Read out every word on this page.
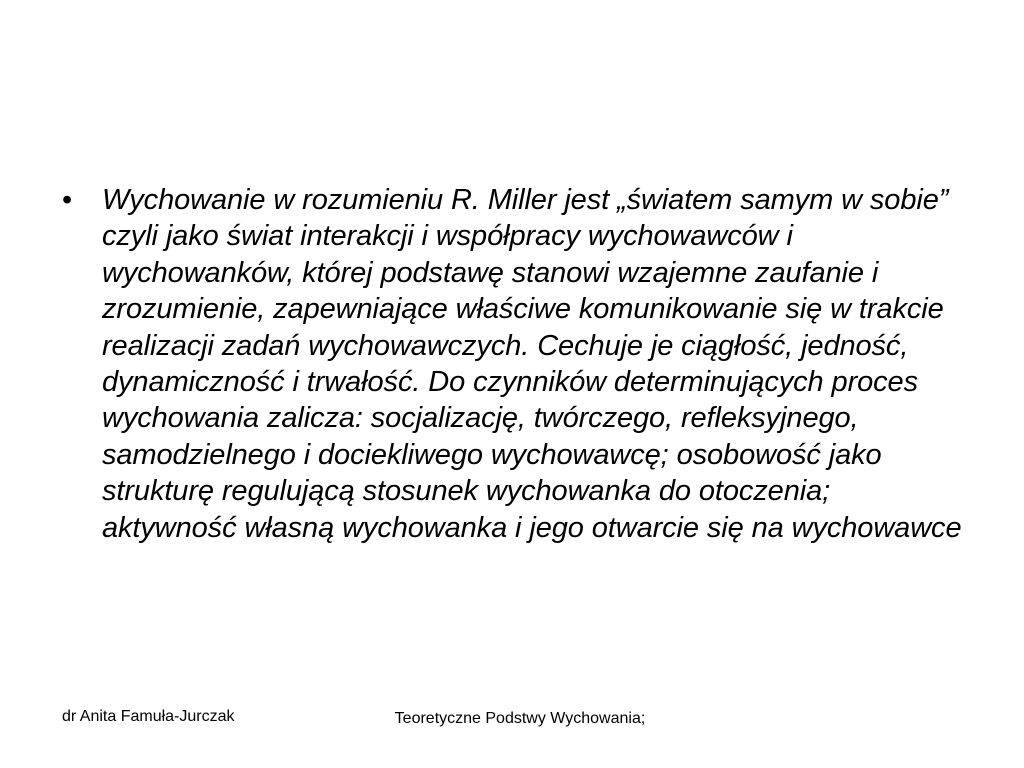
•	Wychowanie w rozumieniu R. Miller jest „światem samym w sobie” czyli jako świat interakcji i współpracy wychowawców i wychowanków, której podstawę stanowi wzajemne zaufanie i zrozumienie, zapewniające właściwe komunikowanie się w trakcie realizacji zadań wychowawczych. Cechuje je ciągłość, jedność, dynamiczność i trwałość. Do czynników determinujących proces wychowania zalicza: socjalizację, twórczego, refleksyjnego, samodzielnego i dociekliwego wychowawcę; osobowość jako strukturę regulującą stosunek wychowanka do otoczenia; aktywność własną wychowanka i jego otwarcie się na wychowawce
dr Anita Famuła-Jurczak	Teoretyczne Podstwy Wychowania;
